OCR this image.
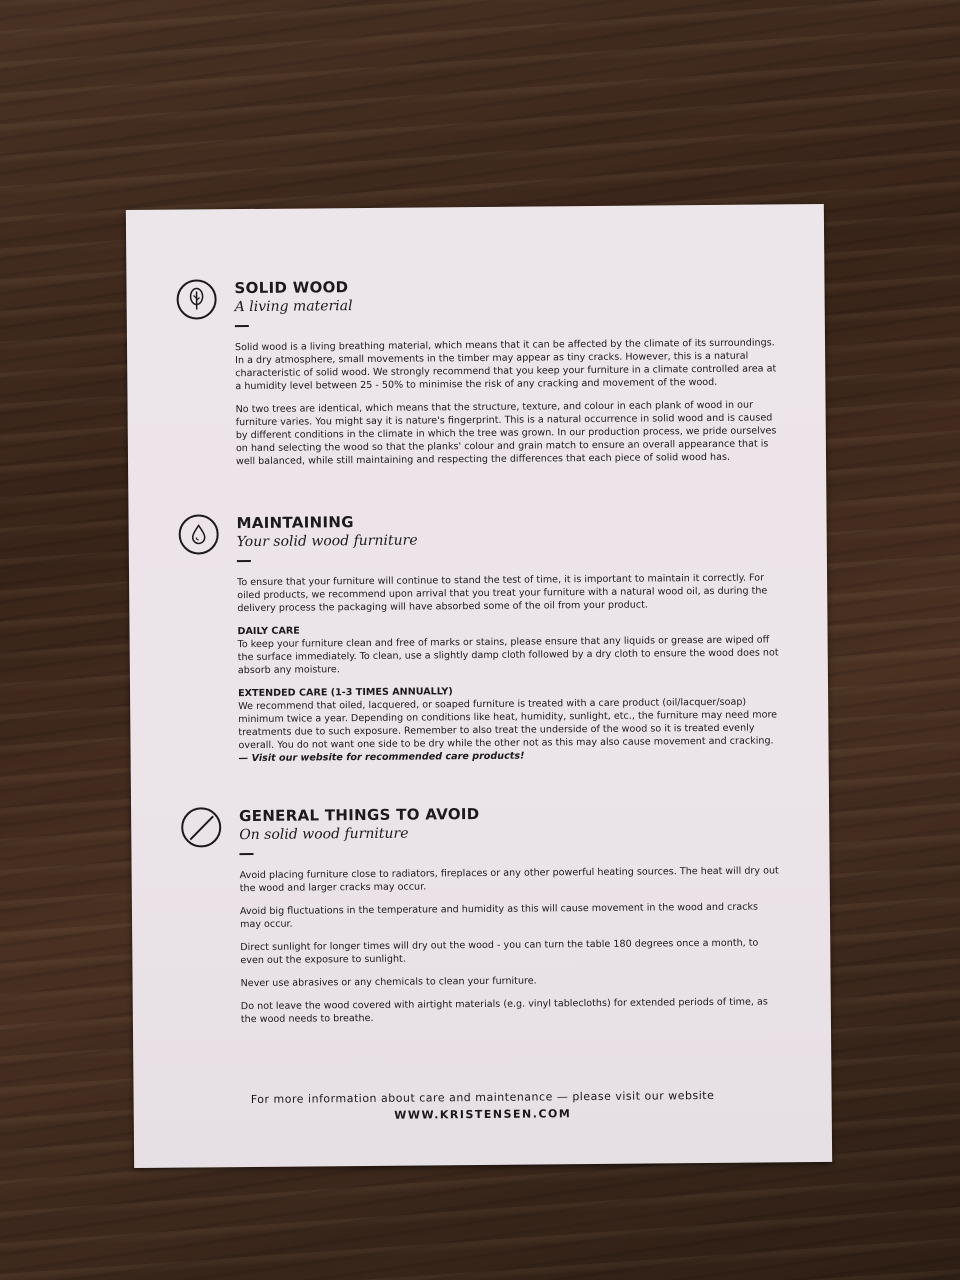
SOLID WOOD
A living material

Solid wood is a living breathing material, which means that it can be affected by the climate of its surroundings. In a dry atmosphere, small movements in the timber may appear as tiny cracks. However, this is a natural characteristic of solid wood. We strongly recommend that you keep your furniture in a climate controlled area at a humidity level between 25 - 50% to minimise the risk of any cracking and movement of the wood.

No two trees are identical, which means that the structure, texture, and colour in each plank of wood in our furniture varies. You might say it is nature's fingerprint. This is a natural occurrence in solid wood and is caused by different conditions in the climate in which the tree was grown. In our production process, we pride ourselves on hand selecting the wood so that the planks' colour and grain match to ensure an overall appearance that is well balanced, while still maintaining and respecting the differences that each piece of solid wood has.

MAINTAINING
Your solid wood furniture

To ensure that your furniture will continue to stand the test of time, it is important to maintain it correctly. For oiled products, we recommend upon arrival that you treat your furniture with a natural wood oil, as during the delivery process the packaging will have absorbed some of the oil from your product.

DAILY CARE

To keep your furniture clean and free of marks or stains, please ensure that any liquids or grease are wiped off the surface immediately. To clean, use a slightly damp cloth followed by a dry cloth to ensure the wood does not absorb any moisture.

EXTENDED CARE (1-3 TIMES ANNUALLY)

We recommend that oiled, lacquered, or soaped furniture is treated with a care product (oil/lacquer/soap) minimum twice a year. Depending on conditions like heat, humidity, sunlight, etc., the furniture may need more treatments due to such exposure. Remember to also treat the underside of the wood so it is treated evenly overall. You do not want one side to be dry while the other not as this may also cause movement and cracking. — Visit our website for recommended care products!

GENERAL THINGS TO AVOID
On solid wood furniture

Avoid placing furniture close to radiators, fireplaces or any other powerful heating sources. The heat will dry out the wood and larger cracks may occur.

Avoid big fluctuations in the temperature and humidity as this will cause movement in the wood and cracks may occur.

Direct sunlight for longer times will dry out the wood - you can turn the table 180 degrees once a month, to even out the exposure to sunlight.

Never use abrasives or any chemicals to clean your furniture.

Do not leave the wood covered with airtight materials (e.g. vinyl tablecloths) for extended periods of time, as the wood needs to breathe.

For more information about care and maintenance — please visit our website
WWW.KRISTENSEN.COM
